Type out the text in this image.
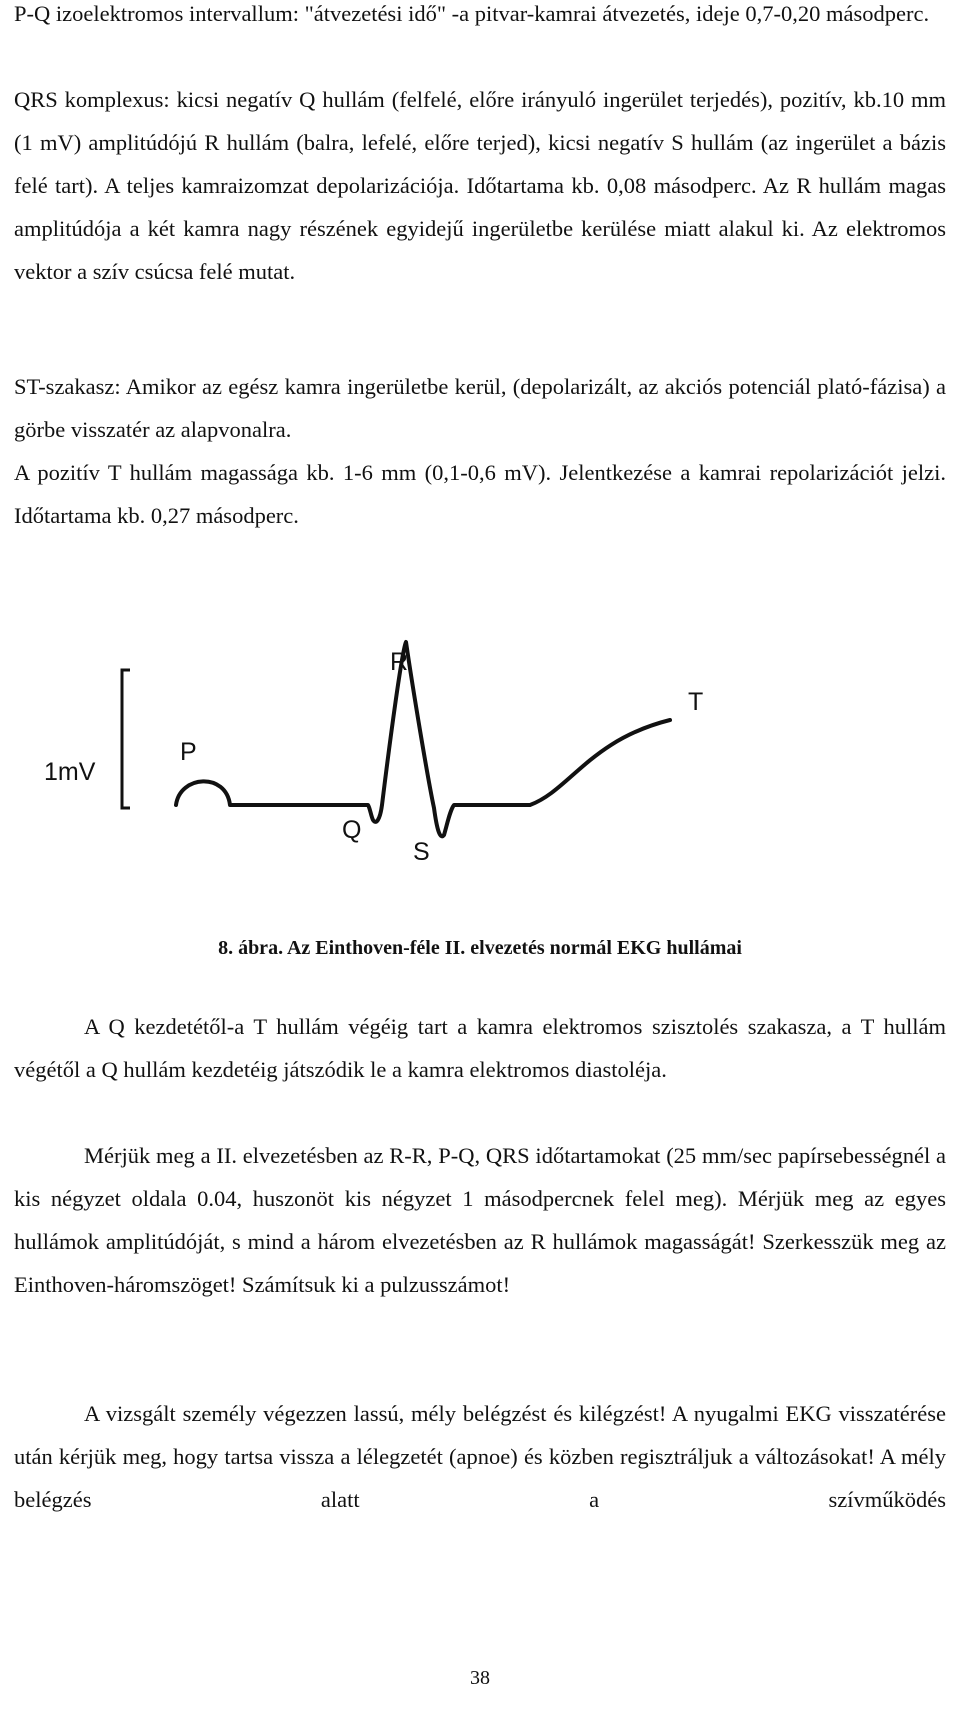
P-Q izoelektromos intervallum: "átvezetési idő" -a pitvar-kamrai átvezetés, ideje 0,7-0,20 másodperc.

QRS komplexus: kicsi negatív Q hullám (felfelé, előre irányuló ingerület terjedés), pozitív, kb.10 mm (1 mV) amplitúdójú R hullám (balra, lefelé, előre terjed), kicsi negatív S hullám (az ingerület a bázis felé tart). A teljes kamraizomzat depolarizációja. Időtartama kb. 0,08 másodperc. Az R hullám magas amplitúdója a két kamra nagy részének egyidejű ingerületbe kerülése miatt alakul ki. Az elektromos vektor a szív csúcsa felé mutat.

ST-szakasz: Amikor az egész kamra ingerületbe kerül, (depolarizált, az akciós potenciál plató-fázisa) a görbe visszatér az alapvonalra.

A pozitív T hullám magassága kb. 1-6 mm (0,1-0,6 mV). Jelentkezése a kamrai repolarizációt jelzi. Időtartama kb. 0,27 másodperc.

1mV
P
Q
R
S
T

8. ábra. Az Einthoven-féle II. elvezetés normál EKG hullámai

A Q kezdetétől-a T hullám végéig tart a kamra elektromos szisztolés szakasza, a T hullám végétől a Q hullám kezdetéig játszódik le a kamra elektromos diastoléja.

Mérjük meg a II. elvezetésben az R-R, P-Q, QRS időtartamokat (25 mm/sec papírsebességnél a kis négyzet oldala 0.04, huszonöt kis négyzet 1 másodpercnek felel meg). Mérjük meg az egyes hullámok amplitúdóját, s mind a három elvezetésben az R hullámok magasságát! Szerkesszük meg az Einthoven-háromszöget! Számítsuk ki a pulzusszámot!

A vizsgált személy végezzen lassú, mély belégzést és kilégzést! A nyugalmi EKG visszatérése után kérjük meg, hogy tartsa vissza a lélegzetét (apnoe) és közben regisztráljuk a változásokat! A mély belégzés alatt a szívműködés

38
